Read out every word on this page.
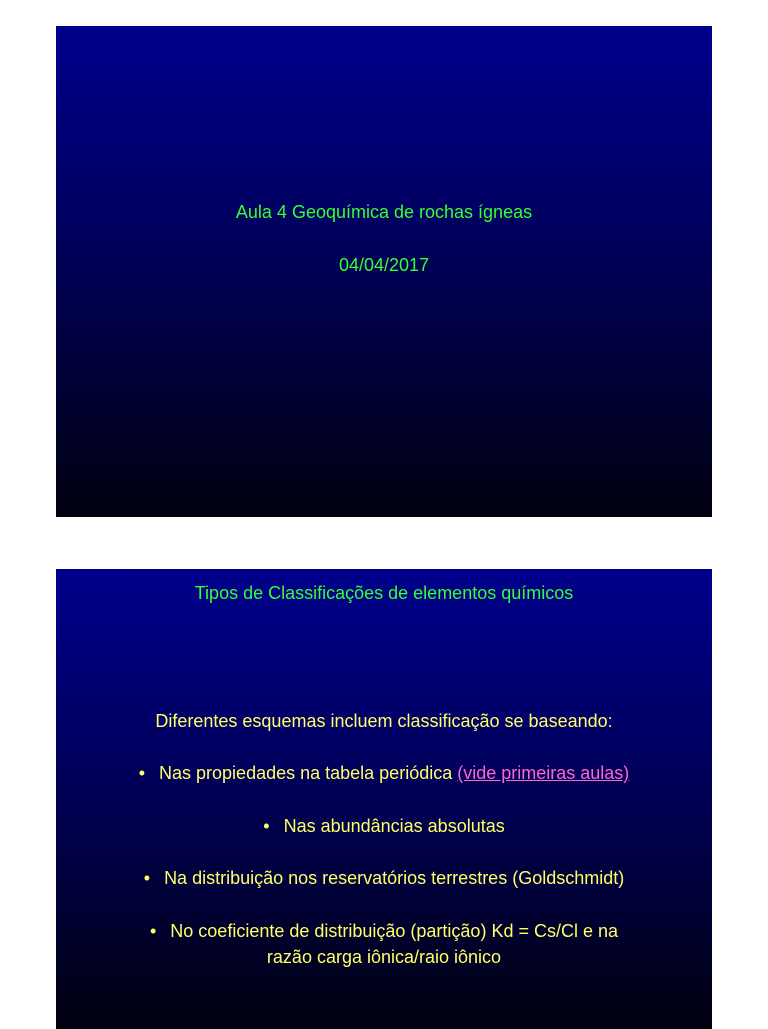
Aula 4 Geoquímica de rochas ígneas
04/04/2017
Tipos de Classificações de elementos químicos
Diferentes esquemas incluem classificação se baseando:
• Nas propiedades na tabela periódica (vide primeiras aulas)
• Nas abundâncias absolutas
• Na distribuição nos reservatórios terrestres (Goldschmidt)
• No coeficiente de distribuição (partição) Kd = Cs/Cl e na
razão carga iônica/raio iônico
